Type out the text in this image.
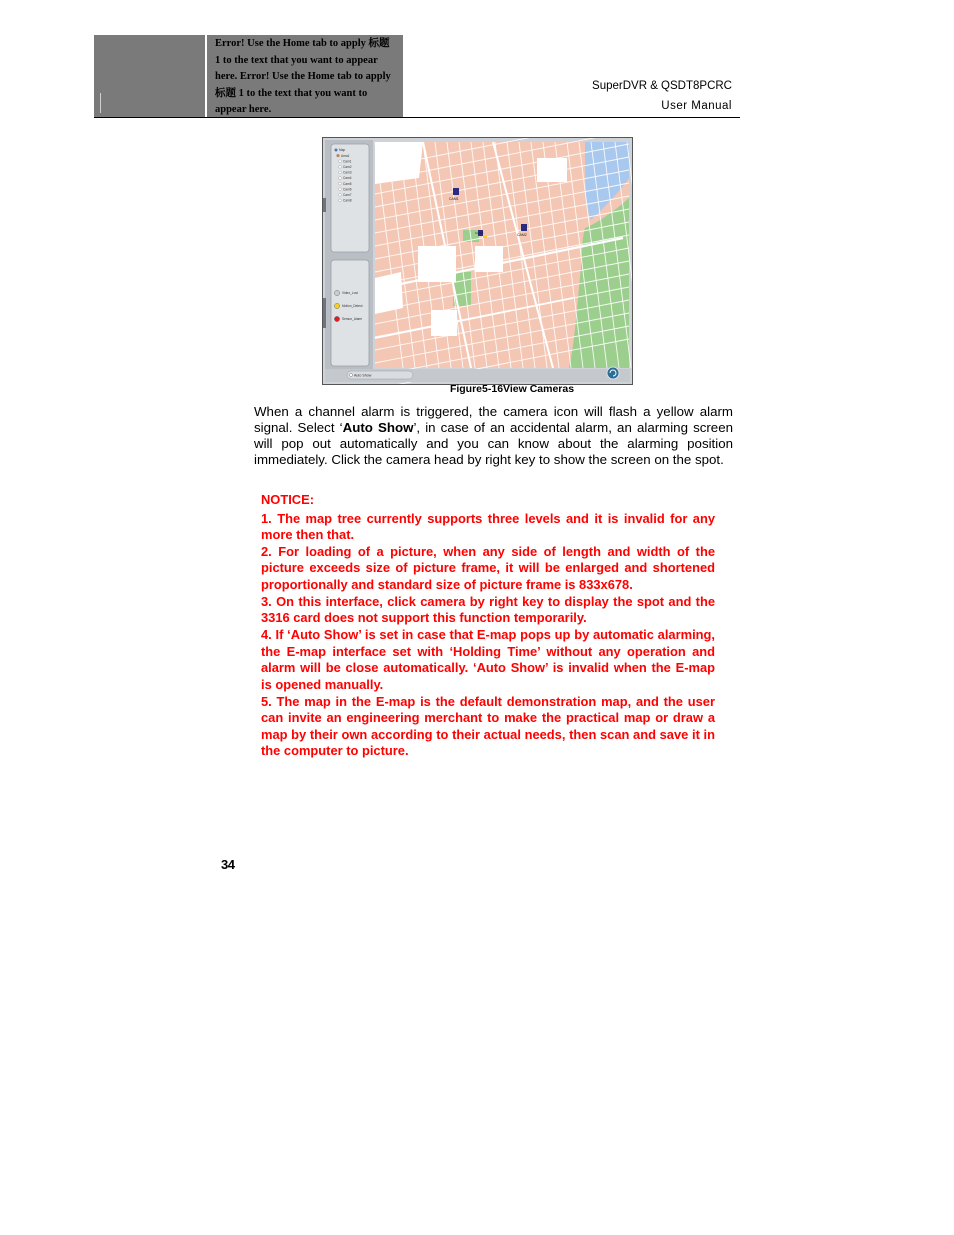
Error! Use the Home tab to apply 标题 1 to the text that you want to appear here. Error! Use the Home tab to apply 标题 1 to the text that you want to appear here.
SuperDVR & QSDT8PCRC
User Manual
Map
Area1
Cam1
Cam2
Cam3
Cam4
Cam5
Cam6
Cam7
Cam8
Video_Lost
Motion_Detect
Sensor_Alarm
CAM1
CAM2
CAM3
Auto Show
Figure5-16View Cameras
When a channel alarm is triggered, the camera icon will flash a yellow alarm signal. Select ‘Auto Show’, in case of an accidental alarm, an alarming screen will pop out automatically and you can know about the alarming position immediately. Click the camera head by right key to show the screen on the spot.

NOTICE:

1. The map tree currently supports three levels and it is invalid for any more then that.

2. For loading of a picture, when any side of length and width of the picture exceeds size of picture frame, it will be enlarged and shortened proportionally and standard size of picture frame is 833x678.

3. On this interface, click camera by right key to display the spot and the 3316 card does not support this function temporarily.

4. If ‘Auto Show’ is set in case that E-map pops up by automatic alarming, the E-map interface set with ‘Holding Time’ without any operation and alarm will be close automatically. ‘Auto Show’ is invalid when the E-map is opened manually.

5. The map in the E-map is the default demonstration map, and the user can invite an engineering merchant to make the practical map or draw a map by their own according to their actual needs, then scan and save it in the computer to picture.

34
